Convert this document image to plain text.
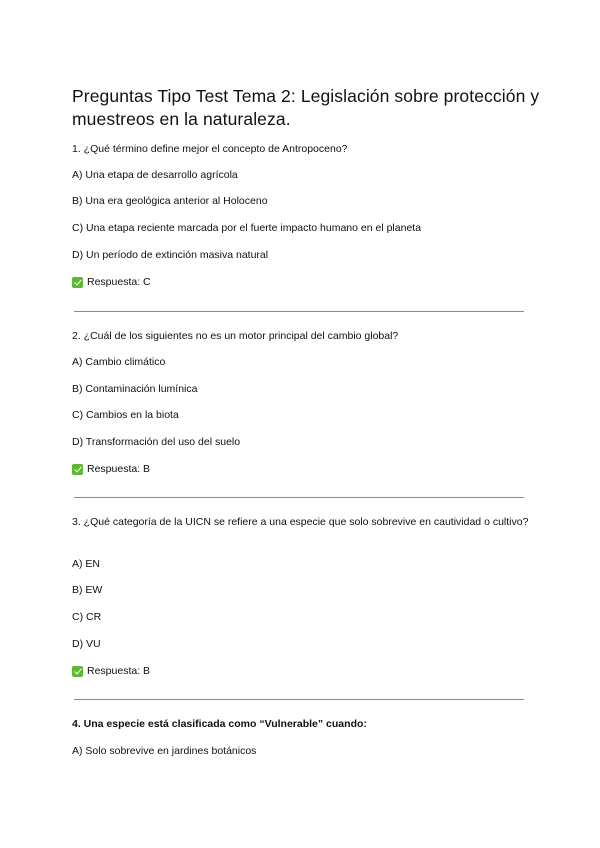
Preguntas Tipo Test Tema 2: Legislación sobre protección y muestreos en la naturaleza.

1. ¿Qué término define mejor el concepto de Antropoceno?

A) Una etapa de desarrollo agrícola

B) Una era geológica anterior al Holoceno

C) Una etapa reciente marcada por el fuerte impacto humano en el planeta

D) Un período de extinción masiva natural

Respuesta: C

2. ¿Cuál de los siguientes no es un motor principal del cambio global?

A) Cambio climático

B) Contaminación lumínica

C) Cambios en la biota

D) Transformación del uso del suelo

Respuesta: B

3. ¿Qué categoría de la UICN se refiere a una especie que solo sobrevive en cautividad o cultivo?

A) EN

B) EW

C) CR

D) VU

Respuesta: B

4. Una especie está clasificada como “Vulnerable” cuando:

A) Solo sobrevive en jardines botánicos
